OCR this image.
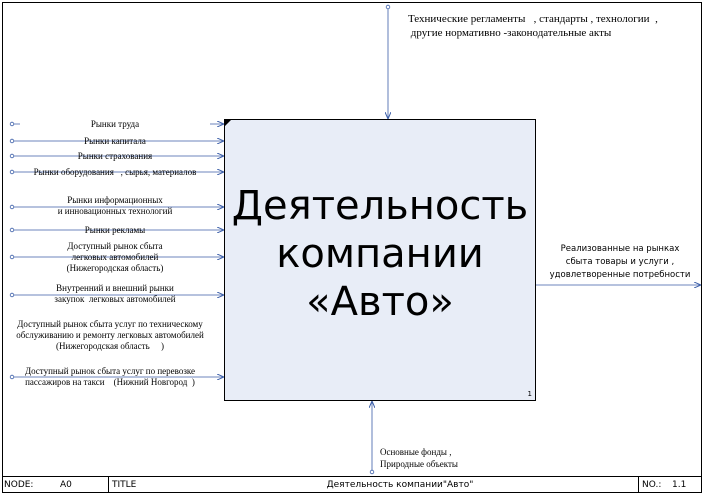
Технические регламенты   , стандарты , технологии  ,
другие нормативно -законодательные акты
Рынки труда
Рынки капитала
Рынки страхования
Рынки оборудования   , сырья, материалов
Рынки информационных
и инновационных технологий
Рынки рекламы
Доступный рынок сбыта
легковых автомобилей
(Нижегородская область)
Внутренний и внешний рынки
закупок  легковых автомобилей
Доступный рынок сбыта услуг по техническому
обслуживанию и ремонту легковых автомобилей
(Нижегородская область     )
Доступный рынок сбыта услуг по перевозке
пассажиров на такси    (Нижний Новгород  )
Деятельность
компании
«Авто»
1
Реализованные на рынках
сбыта товары и услуги ,
удовлетворенные потребности
Основные фонды ,
Природные объекты
NODE:	A0	TITLE	Деятельность компании"Авто"	NO.:	1.1
